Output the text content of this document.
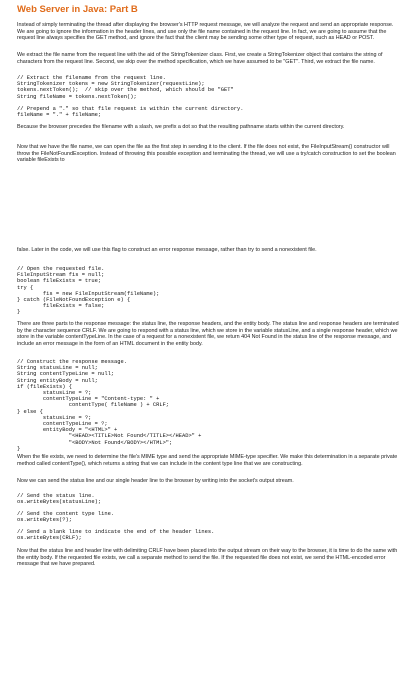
Web Server in Java: Part B

Instead of simply terminating the thread after displaying the browser's HTTP request message, we will analyze the request and send an appropriate response. We are going to ignore the information in the header lines, and use only the file name contained in the request line. In fact, we are going to assume that the request line always specifies the GET method, and ignore the fact that the client may be sending some other type of request, such as HEAD or POST.

We extract the file name from the request line with the aid of the StringTokenizer class. First, we create a StringTokenizer object that contains the string of characters from the request line. Second, we skip over the method specification, which we have assumed to be "GET". Third, we extract the file name.

// Extract the filename from the request line.
StringTokenizer tokens = new StringTokenizer(requestLine);
tokens.nextToken();  // skip over the method, which should be "GET"
String fileName = tokens.nextToken();
// Prepend a "." so that file request is within the current directory.
fileName = "." + fileName;

Because the browser precedes the filename with a slash, we prefix a dot so that the resulting pathname starts within the current directory.

Now that we have the file name, we can open the file as the first step in sending it to the client. If the file does not exist, the FileInputStream() constructor will throw the FileNotFoundException. Instead of throwing this possible exception and terminating the thread, we will use a try/catch construction to set the boolean variable fileExists to

false. Later in the code, we will use this flag to construct an error response message, rather than try to send a nonexistent file.

// Open the requested file.
FileInputStream fis = null;
boolean fileExists = true;
try {
fis = new FileInputStream(fileName);
} catch (FileNotFoundException e) {
fileExists = false;
}

There are three parts to the response message: the status line, the response headers, and the entity body. The status line and response headers are terminated by the character sequence CRLF. We are going to respond with a status line, which we store in the variable statusLine, and a single response header, which we store in the variable contentTypeLine. In the case of a request for a nonexistent file, we return 404 Not Found in the status line of the response message, and include an error message in the form of an HTML document in the entity body.

// Construct the response message.
String statusLine = null;
String contentTypeLine = null;
String entityBody = null;
if (fileExists) {
statusLine = ?;
contentTypeLine = "Content-type: " +
contentType( fileName ) + CRLF;
} else {
statusLine = ?;
contentTypeLine = ?;
entityBody = "<HTML>" +
"<HEAD><TITLE>Not Found</TITLE></HEAD>" +
"<BODY>Not Found</BODY></HTML>";
}

When the file exists, we need to determine the file's MIME type and send the appropriate MIME-type specifier. We make this determination in a separate private method called contentType(), which returns a string that we can include in the content type line that we are constructing.

Now we can send the status line and our single header line to the browser by writing into the socket's output stream.

// Send the status line.
os.writeBytes(statusLine);
// Send the content type line.
os.writeBytes(?);
// Send a blank line to indicate the end of the header lines.
os.writeBytes(CRLF);

Now that the status line and header line with delimiting CRLF have been placed into the output stream on their way to the browser, it is time to do the same with the entity body. If the requested file exists, we call a separate method to send the file. If the requested file does not exist, we send the HTML-encoded error message that we have prepared.
